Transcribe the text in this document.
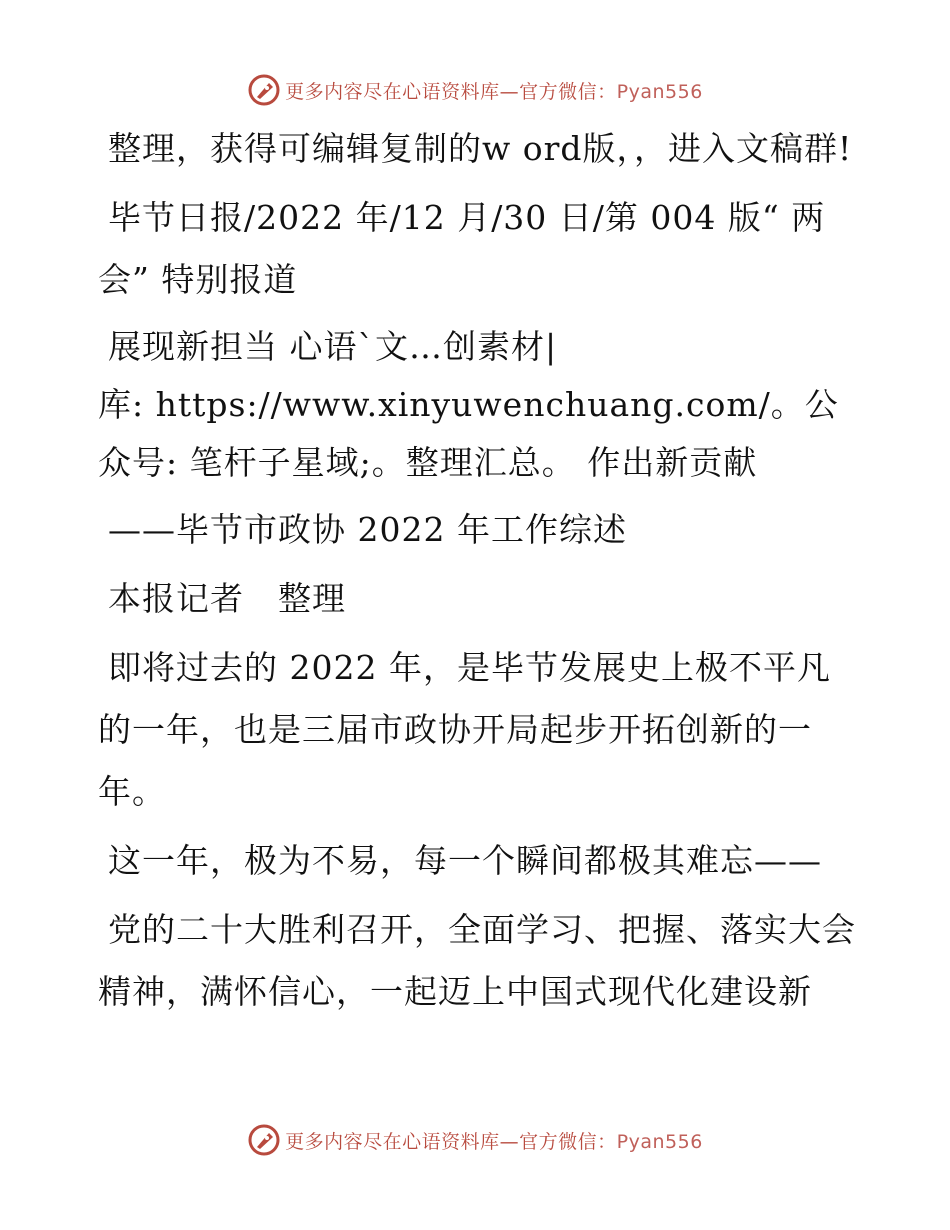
更多内容尽在心语资料库—官方微信：Pyan556

整理，获得可编辑复制的w ord版，，进入文稿群!

毕节日报/2022 年/12 月/30 日/第 004 版“ 两会” 特别报道

展现新担当 心语`文…创素材|

库: https://www.xinyuwenchuang.com/。公众号: 笔杆子星域;。整理汇总。 作出新贡献

——毕节市政协 2022 年工作综述

本报记者　整理

即将过去的 2022 年，是毕节发展史上极不平凡的一年，也是三届市政协开局起步开拓创新的一年。

这一年，极为不易，每一个瞬间都极其难忘——

党的二十大胜利召开，全面学习、把握、落实大会精神，满怀信心，一起迈上中国式现代化建设新

更多内容尽在心语资料库—官方微信：Pyan556
